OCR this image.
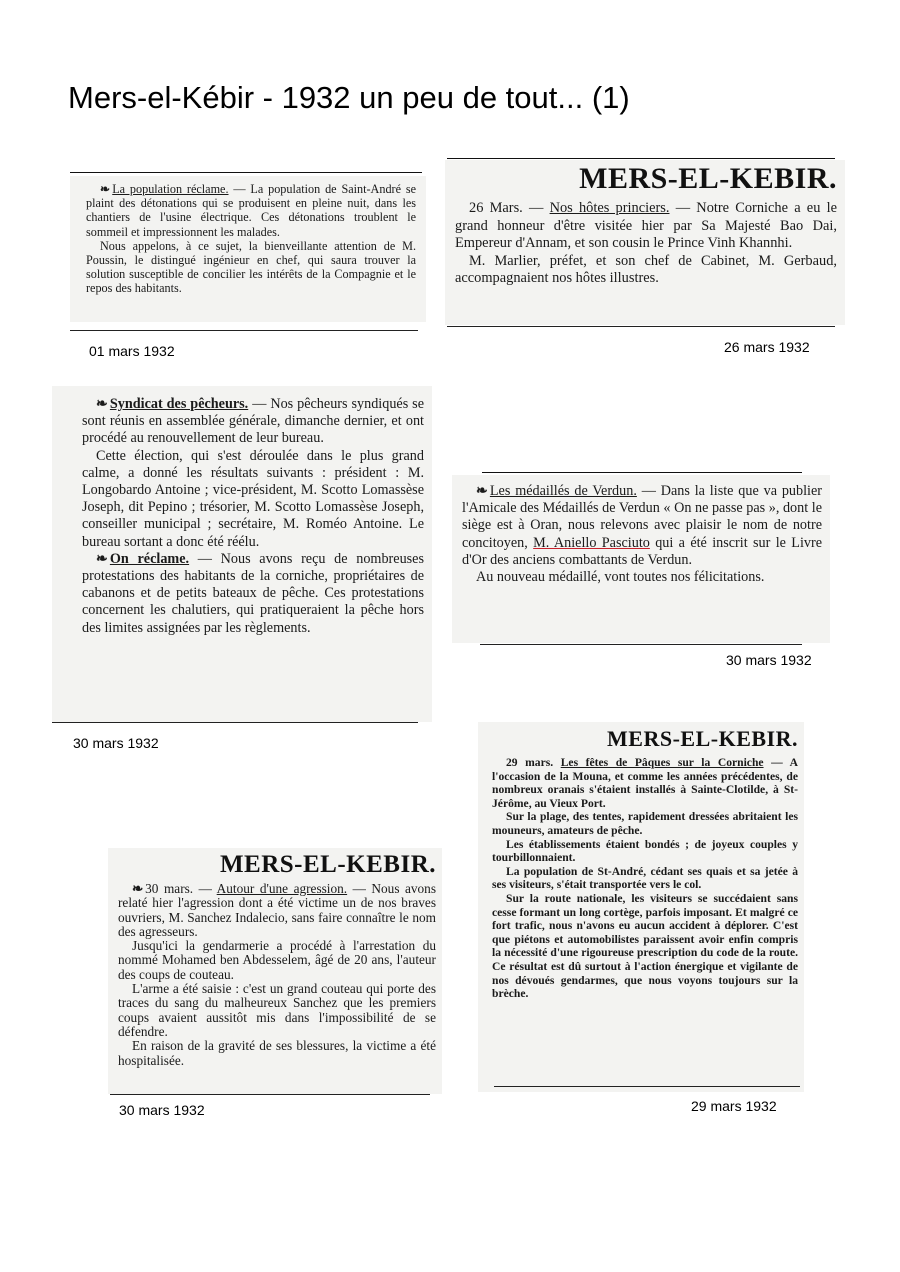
Mers-el-Kébir - 1932 un peu de tout... (1)

❧ La population réclame. — La population de Saint-André se plaint des détonations qui se produisent en pleine nuit, dans les chantiers de l'usine électrique. Ces détonations troublent le sommeil et impressionnent les malades.

Nous appelons, à ce sujet, la bienveillante attention de M. Poussin, le distingué ingénieur en chef, qui saura trouver la solution susceptible de concilier les intérêts de la Compagnie et le repos des habitants.

01 mars 1932
MERS-EL-KEBIR.

26 Mars. — Nos hôtes princiers. — Notre Corniche a eu le grand honneur d'être visitée hier par Sa Majesté Bao Dai, Empereur d'Annam, et son cousin le Prince Vinh Khannhi.

M. Marlier, préfet, et son chef de Cabinet, M. Gerbaud, accompagnaient nos hôtes illustres.

26 mars 1932

❧ Syndicat des pêcheurs. — Nos pêcheurs syndiqués se sont réunis en assemblée générale, dimanche dernier, et ont procédé au renouvellement de leur bureau.

Cette élection, qui s'est déroulée dans le plus grand calme, a donné les résultats suivants : président : M. Longobardo Antoine ; vice-président, M. Scotto Lomassèse Joseph, dit Pepino ; trésorier, M. Scotto Lomassèse Joseph, conseiller municipal ; secrétaire, M. Roméo Antoine. Le bureau sortant a donc été réélu.

❧ On réclame. — Nous avons reçu de nombreuses protestations des habitants de la corniche, propriétaires de cabanons et de petits bateaux de pêche. Ces protestations concernent les chalutiers, qui pratiqueraient la pêche hors des limites assignées par les règlements.

30 mars 1932

❧ Les médaillés de Verdun. — Dans la liste que va publier l'Amicale des Médaillés de Verdun « On ne passe pas », dont le siège est à Oran, nous relevons avec plaisir le nom de notre concitoyen, M. Aniello Pasciuto qui a été inscrit sur le Livre d'Or des anciens combattants de Verdun.

Au nouveau médaillé, vont toutes nos félicitations.

30 mars 1932
MERS-EL-KEBIR.

❧ 30 mars. — Autour d'une agression. — Nous avons relaté hier l'agression dont a été victime un de nos braves ouvriers, M. Sanchez Indalecio, sans faire connaître le nom des agresseurs.

Jusqu'ici la gendarmerie a procédé à l'arrestation du nommé Mohamed ben Abdesselem, âgé de 20 ans, l'auteur des coups de couteau.

L'arme a été saisie : c'est un grand couteau qui porte des traces du sang du malheureux Sanchez que les premiers coups avaient aussitôt mis dans l'impossibilité de se défendre.

En raison de la gravité de ses blessures, la victime a été hospitalisée.

30 mars 1932
MERS-EL-KEBIR.

29 mars. Les fêtes de Pâques sur la Corniche — A l'occasion de la Mouna, et comme les années précédentes, de nombreux oranais s'étaient installés à Sainte-Clotilde, à St-Jérôme, au Vieux Port.

Sur la plage, des tentes, rapidement dressées abritaient les mouneurs, amateurs de pêche.

Les établissements étaient bondés ; de joyeux couples y tourbillonnaient.

La population de St-André, cédant ses quais et sa jetée à ses visiteurs, s'était transportée vers le col.

Sur la route nationale, les visiteurs se succédaient sans cesse formant un long cortège, parfois imposant. Et malgré ce fort trafic, nous n'avons eu aucun accident à déplorer. C'est que piétons et automobilistes paraissent avoir enfin compris la nécessité d'une rigoureuse prescription du code de la route. Ce résultat est dû surtout à l'action énergique et vigilante de nos dévoués gendarmes, que nous voyons toujours sur la brèche.

29 mars 1932
